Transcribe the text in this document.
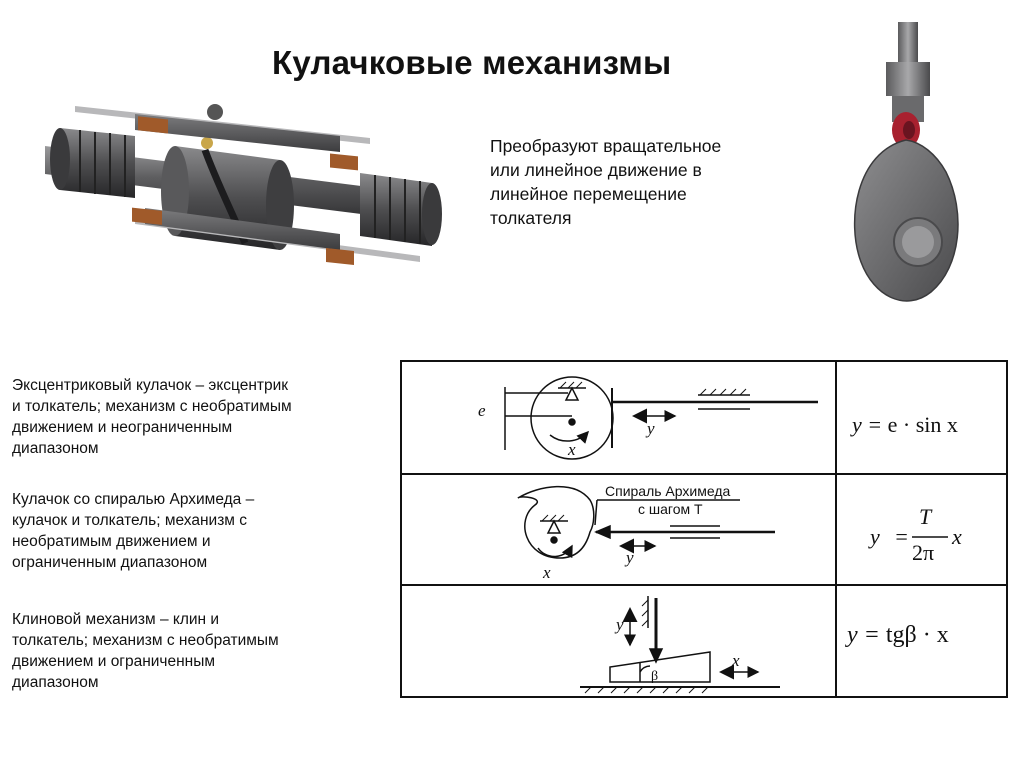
Кулачковые механизмы
Преобразуют вращательное
или линейное движение в
линейное перемещение
толкателя
Эксцентриковый кулачок – эксцентрик
и толкатель; механизм с необратимым
движением и неограниченным
диапазоном
Кулачок со спиралью Архимеда –
кулачок и толкатель; механизм с
необратимым движением и
ограниченным диапазоном
Клиновой механизм – клин и
толкатель; механизм с необратимым
движением и ограниченным
диапазоном
e
y
x
y = e · sin x
Спираль Архимеда
с шагом Т
y
x
y =
T
2π
x
y
x
β
y = tgβ · x
